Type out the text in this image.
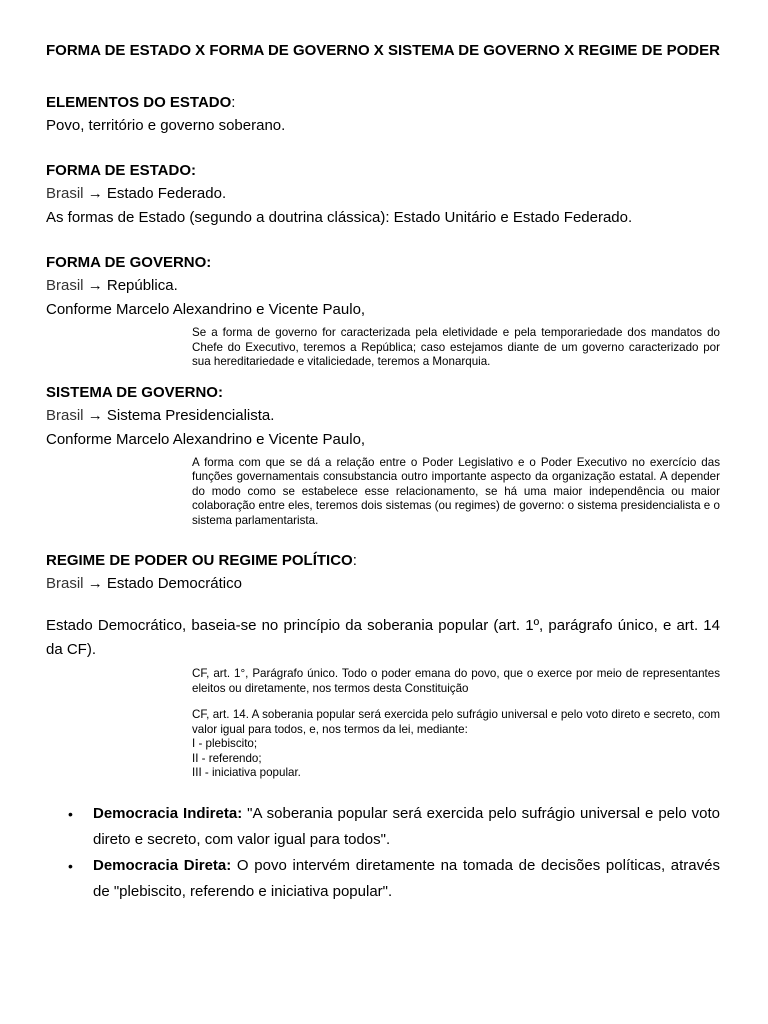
FORMA DE ESTADO X FORMA DE GOVERNO X SISTEMA DE GOVERNO X REGIME DE PODER

ELEMENTOS DO ESTADO:

Povo, território e governo soberano.

FORMA DE ESTADO:

Brasil → Estado Federado.

As formas de Estado (segundo a doutrina clássica): Estado Unitário e Estado Federado.

FORMA DE GOVERNO:

Brasil → República.

Conforme Marcelo Alexandrino e Vicente Paulo,

Se a forma de governo for caracterizada pela eletividade e pela temporariedade dos mandatos do Chefe do Executivo, teremos a República; caso estejamos diante de um governo caracterizado por sua hereditariedade e vitaliciedade, teremos a Monarquia.

SISTEMA DE GOVERNO:

Brasil → Sistema Presidencialista.

Conforme Marcelo Alexandrino e Vicente Paulo,

A forma com que se dá a relação entre o Poder Legislativo e o Poder Executivo no exercício das funções governamentais consubstancia outro importante aspecto da organização estatal. A depender do modo como se estabelece esse relacionamento, se há uma maior independência ou maior colaboração entre eles, teremos dois sistemas (ou regimes) de governo: o sistema presidencialista e o sistema parlamentarista.

REGIME DE PODER OU REGIME POLÍTICO:

Brasil → Estado Democrático

Estado Democrático, baseia-se no princípio da soberania popular (art. 1º, parágrafo único, e art. 14 da CF).

CF, art. 1°, Parágrafo único. Todo o poder emana do povo, que o exerce por meio de representantes eleitos ou diretamente, nos termos desta Constituição

CF, art. 14. A soberania popular será exercida pelo sufrágio universal e pelo voto direto e secreto, com valor igual para todos, e, nos termos da lei, mediante:

I - plebiscito;

II - referendo;

III - iniciativa popular.

• Democracia Indireta: "A soberania popular será exercida pelo sufrágio universal e pelo voto direto e secreto, com valor igual para todos".
• Democracia Direta: O povo intervém diretamente na tomada de decisões políticas, através de "plebiscito, referendo e iniciativa popular".
